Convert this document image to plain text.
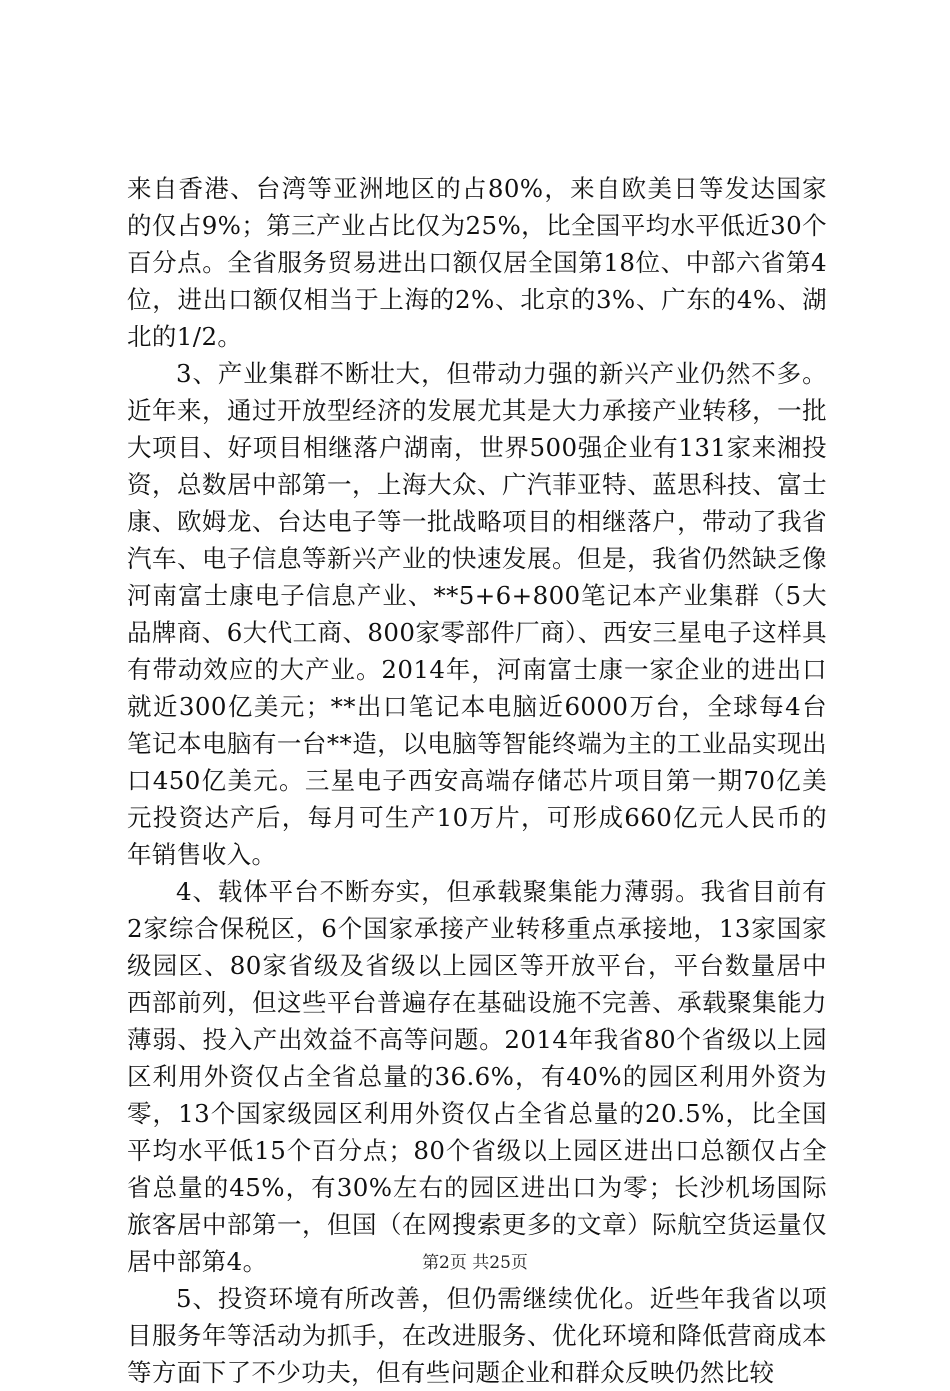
来自香港、台湾等亚洲地区的占80%，来自欧美日等发达国家的仅占9%；第三产业占比仅为25%，比全国平均水平低近30个百分点。全省服务贸易进出口额仅居全国第18位、中部六省第4位，进出口额仅相当于上海的2%、北京的3%、广东的4%、湖北的1/2。

3、产业集群不断壮大，但带动力强的新兴产业仍然不多。近年来，通过开放型经济的发展尤其是大力承接产业转移，一批大项目、好项目相继落户湖南，世界500强企业有131家来湘投资，总数居中部第一，上海大众、广汽菲亚特、蓝思科技、富士康、欧姆龙、台达电子等一批战略项目的相继落户，带动了我省汽车、电子信息等新兴产业的快速发展。但是，我省仍然缺乏像河南富士康电子信息产业、**5+6+800笔记本产业集群（5大品牌商、6大代工商、800家零部件厂商）、西安三星电子这样具有带动效应的大产业。2014年，河南富士康一家企业的进出口就近300亿美元；**出口笔记本电脑近6000万台，全球每4台笔记本电脑有一台**造，以电脑等智能终端为主的工业品实现出口450亿美元。三星电子西安高端存储芯片项目第一期70亿美元投资达产后，每月可生产10万片，可形成660亿元人民币的年销售收入。

4、载体平台不断夯实，但承载聚集能力薄弱。我省目前有2家综合保税区，6个国家承接产业转移重点承接地，13家国家级园区、80家省级及省级以上园区等开放平台，平台数量居中西部前列，但这些平台普遍存在基础设施不完善、承载聚集能力薄弱、投入产出效益不高等问题。2014年我省80个省级以上园区利用外资仅占全省总量的36.6%，有40%的园区利用外资为零，13个国家级园区利用外资仅占全省总量的20.5%，比全国平均水平低15个百分点；80个省级以上园区进出口总额仅占全省总量的45%，有30%左右的园区进出口为零；长沙机场国际旅客居中部第一，但国（在网搜索更多的文章）际航空货运量仅居中部第4。

5、投资环境有所改善，但仍需继续优化。近些年我省以项目服务年等活动为抓手，在改进服务、优化环境和降低营商成本等方面下了不少功夫，但有些问题企业和群众反映仍然比较

第2页 共25页
